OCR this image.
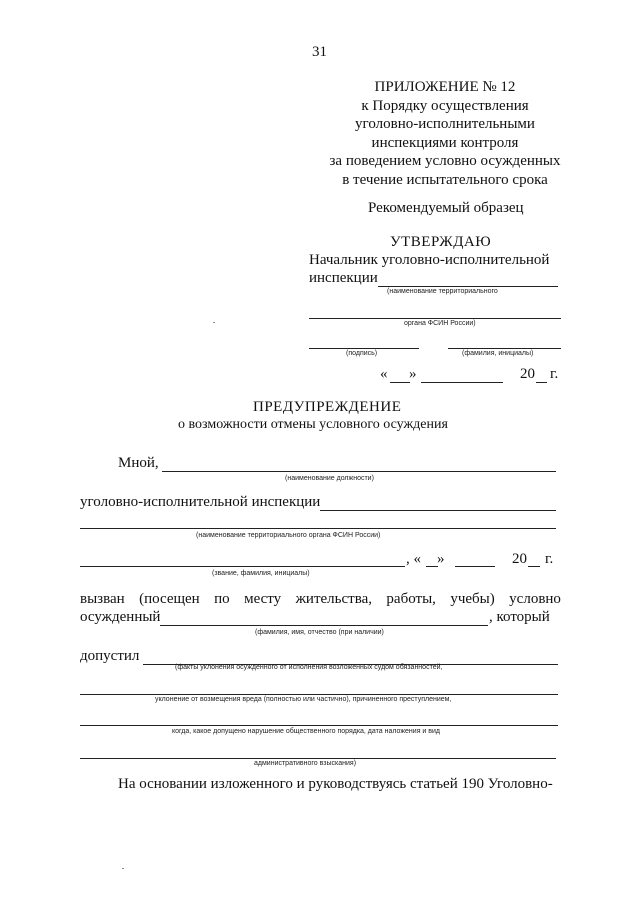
31
ПРИЛОЖЕНИЕ № 12
к Порядку осуществления
уголовно-исполнительными
инспекциями контроля
за поведением условно осужденных
в течение испытательного срока
Рекомендуемый образец
УТВЕРЖДАЮ
Начальник уголовно-исполнительной
инспекции
(наименование территориального
органа ФСИН России)
(подпись)	(фамилия, инициалы)
« »	20 г.
ПРЕДУПРЕЖДЕНИЕ
о возможности отмены условного осуждения
Мной,
(наименование должности)
уголовно-исполнительной инспекции
(наименование территориального органа ФСИН России)
, « »	20 г.
(звание, фамилия, инициалы)
вызван (посещен по месту жительства, работы, учебы) условно
осужденный	, который
(фамилия, имя, отчество (при наличии)
допустил
(факты уклонения осужденного от исполнения возложенных судом обязанностей,
уклонение от возмещения вреда (полностью или частично), причиненного преступлением,
когда, какое допущено нарушение общественного порядка, дата наложения и вид
административного взыскания)
На основании изложенного и руководствуясь статьей 190 Уголовно-
